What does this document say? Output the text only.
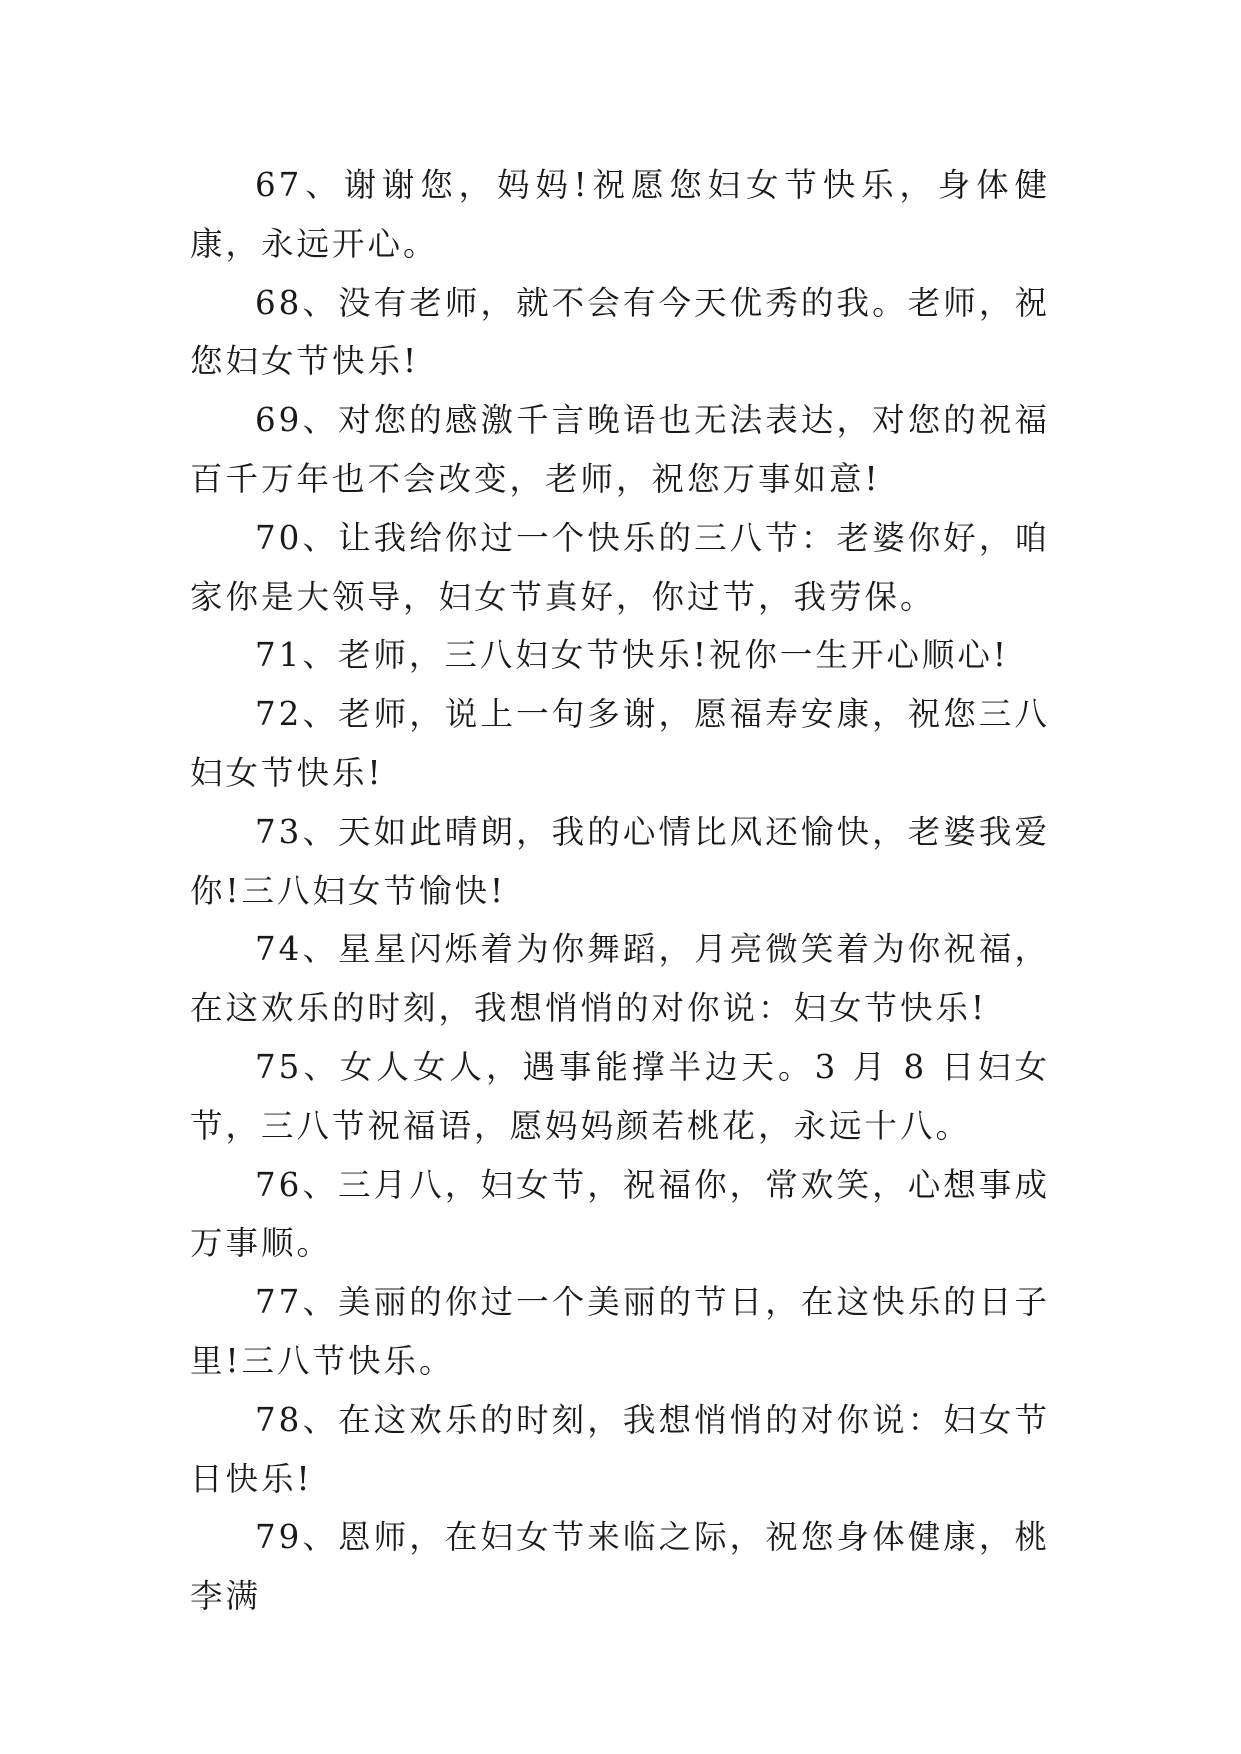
67、谢谢您，妈妈!祝愿您妇女节快乐，身体健康，永远开心。

68、没有老师，就不会有今天优秀的我。老师，祝您妇女节快乐!

69、对您的感激千言晚语也无法表达，对您的祝福百千万年也不会改变，老师，祝您万事如意!

70、让我给你过一个快乐的三八节：老婆你好，咱家你是大领导，妇女节真好，你过节，我劳保。

71、老师，三八妇女节快乐!祝你一生开心顺心!

72、老师，说上一句多谢，愿福寿安康，祝您三八妇女节快乐!

73、天如此晴朗，我的心情比风还愉快，老婆我爱你!三八妇女节愉快!

74、星星闪烁着为你舞蹈，月亮微笑着为你祝福，在这欢乐的时刻，我想悄悄的对你说：妇女节快乐!

75、女人女人，遇事能撑半边天。3 月 8 日妇女节，三八节祝福语，愿妈妈颜若桃花，永远十八。

76、三月八，妇女节，祝福你，常欢笑，心想事成万事顺。

77、美丽的你过一个美丽的节日，在这快乐的日子里!三八节快乐。

78、在这欢乐的时刻，我想悄悄的对你说：妇女节日快乐!

79、恩师，在妇女节来临之际，祝您身体健康，桃李满
